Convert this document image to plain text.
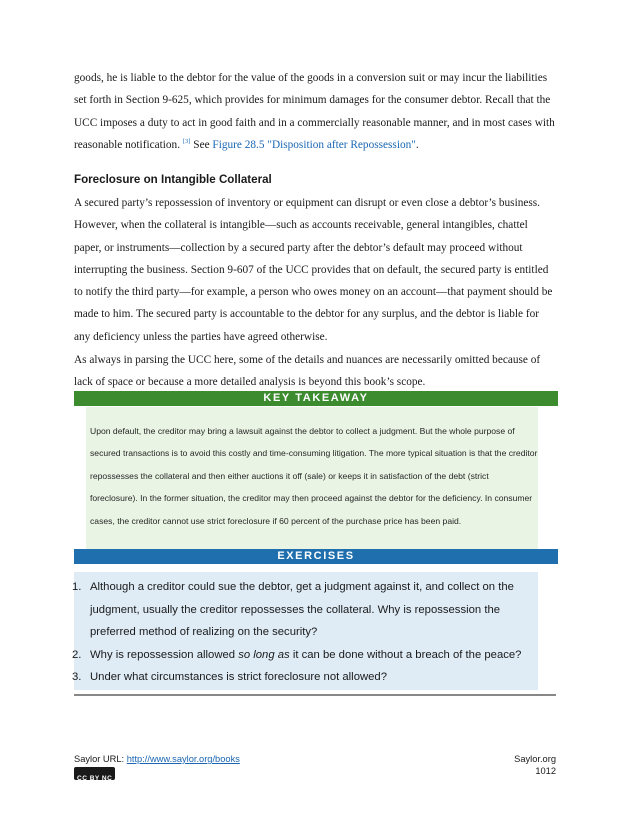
goods, he is liable to the debtor for the value of the goods in a conversion suit or may incur the liabilities set forth in Section 9-625, which provides for minimum damages for the consumer debtor. Recall that the UCC imposes a duty to act in good faith and in a commercially reasonable manner, and in most cases with reasonable notification. [3] See Figure 28.5 "Disposition after Repossession".

Foreclosure on Intangible Collateral

A secured party’s repossession of inventory or equipment can disrupt or even close a debtor’s business. However, when the collateral is intangible—such as accounts receivable, general intangibles, chattel paper, or instruments—collection by a secured party after the debtor’s default may proceed without interrupting the business. Section 9-607 of the UCC provides that on default, the secured party is entitled to notify the third party—for example, a person who owes money on an account—that payment should be made to him. The secured party is accountable to the debtor for any surplus, and the debtor is liable for any deficiency unless the parties have agreed otherwise.

As always in parsing the UCC here, some of the details and nuances are necessarily omitted because of lack of space or because a more detailed analysis is beyond this book’s scope.

KEY TAKEAWAY

Upon default, the creditor may bring a lawsuit against the debtor to collect a judgment. But the whole purpose of secured transactions is to avoid this costly and time-consuming litigation. The more typical situation is that the creditor repossesses the collateral and then either auctions it off (sale) or keeps it in satisfaction of the debt (strict foreclosure). In the former situation, the creditor may then proceed against the debtor for the deficiency. In consumer cases, the creditor cannot use strict foreclosure if 60 percent of the purchase price has been paid.

EXERCISES
1. Although a creditor could sue the debtor, get a judgment against it, and collect on the judgment, usually the creditor repossesses the collateral. Why is repossession the preferred method of realizing on the security?
2. Why is repossession allowed so long as it can be done without a breach of the peace?
3. Under what circumstances is strict foreclosure not allowed?
Saylor URL: http://www.saylor.org/books
CC BY NC SA
Saylor.org
1012
